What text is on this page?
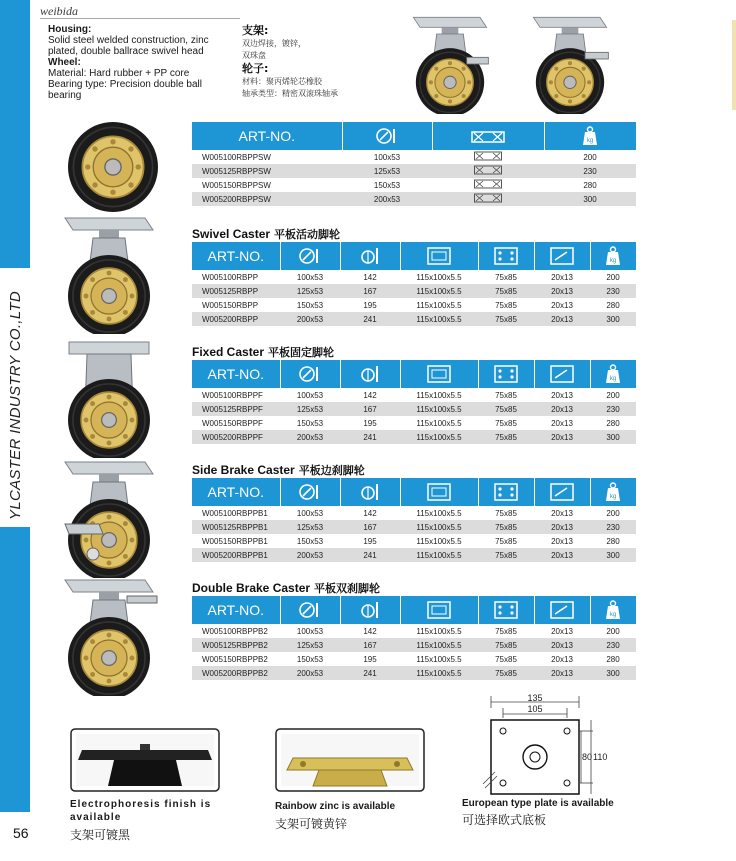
YLCASTER INDUSTRY CO.,LTD
weibida
Housing:
Solid steel welded construction, zinc plated, double ballrace swivel head
Wheel:
Material: Hard rubber + PP core
Bearing type: Precision double ball bearing
支架:
双边焊接，镀锌，
双珠盘
轮子:
材料：聚丙烯轮芯橡胶
轴承类型：精密双滚珠轴承
ART-NO.			kg

W005100RBPPSW	100x53		200
W005125RBPPSW	125x53		230
W005150RBPPSW	150x53		280
W005200RBPPSW	200x53		300
Swivel Caster 平板活动脚轮
ART-NO.						kg

W005100RBPP	100x53	142	115x100x5.5	75x85	20x13	200
W005125RBPP	125x53	167	115x100x5.5	75x85	20x13	230
W005150RBPP	150x53	195	115x100x5.5	75x85	20x13	280
W005200RBPP	200x53	241	115x100x5.5	75x85	20x13	300
Fixed Caster 平板固定脚轮
ART-NO.						kg

W005100RBPPF	100x53	142	115x100x5.5	75x85	20x13	200
W005125RBPPF	125x53	167	115x100x5.5	75x85	20x13	230
W005150RBPPF	150x53	195	115x100x5.5	75x85	20x13	280
W005200RBPPF	200x53	241	115x100x5.5	75x85	20x13	300
Side Brake Caster 平板边刹脚轮
ART-NO.						kg

W005100RBPPB1	100x53	142	115x100x5.5	75x85	20x13	200
W005125RBPPB1	125x53	167	115x100x5.5	75x85	20x13	230
W005150RBPPB1	150x53	195	115x100x5.5	75x85	20x13	280
W005200RBPPB1	200x53	241	115x100x5.5	75x85	20x13	300
Double Brake Caster 平板双刹脚轮
ART-NO.						kg

W005100RBPPB2	100x53	142	115x100x5.5	75x85	20x13	200
W005125RBPPB2	125x53	167	115x100x5.5	75x85	20x13	230
W005150RBPPB2	150x53	195	115x100x5.5	75x85	20x13	280
W005200RBPPB2	200x53	241	115x100x5.5	75x85	20x13	300
135
105
80 110
Electrophoresis finish is available
支架可镀黑
Rainbow zinc is available
支架可镀黄锌
European type plate is available
可选择欧式底板
56
